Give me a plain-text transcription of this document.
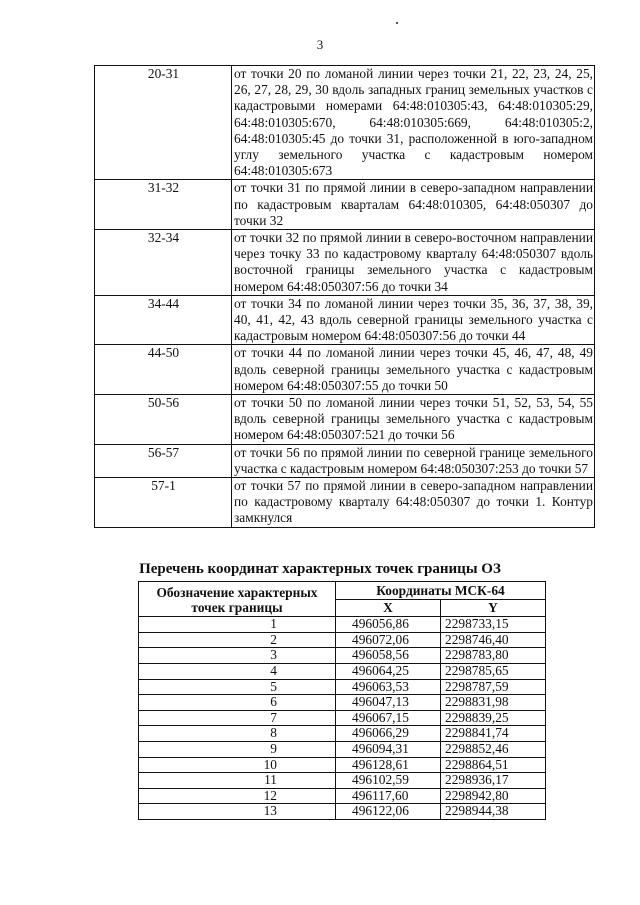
3
20-31	от точки 20 по ломаной линии через точки 21, 22, 23, 24, 25, 26, 27, 28, 29, 30 вдоль западных границ земельных участков с кадастровыми номерами 64:48:010305:43, 64:48:010305:29, 64:48:010305:670, 64:48:010305:669, 64:48:010305:2, 64:48:010305:45 до точки 31, расположенной в юго-западном углу земельного участка с кадастровым номером 64:48:010305:673
31-32	от точки 31 по прямой линии в северо-западном направлении по кадастровым кварталам 64:48:010305, 64:48:050307 до точки 32
32-34	от точки 32 по прямой линии в северо-восточном направлении через точку 33 по кадастровому кварталу 64:48:050307 вдоль восточной границы земельного участка с кадастровым номером 64:48:050307:56 до точки 34
34-44	от точки 34 по ломаной линии через точки 35, 36, 37, 38, 39, 40, 41, 42, 43 вдоль северной границы земельного участка с кадастровым номером 64:48:050307:56 до точки 44
44-50	от точки 44 по ломаной линии через точки 45, 46, 47, 48, 49 вдоль северной границы земельного участка с кадастровым номером 64:48:050307:55 до точки 50
50-56	от точки 50 по ломаной линии через точки 51, 52, 53, 54, 55 вдоль северной границы земельного участка с кадастровым номером 64:48:050307:521 до точки 56
56-57	от точки 56 по прямой линии по северной границе земельного участка с кадастровым номером 64:48:050307:253 до точки 57
57-1	от точки 57 по прямой линии в северо-западном направлении по кадастровому кварталу 64:48:050307 до точки 1. Контур замкнулся
Перечень координат характерных точек границы ОЗ
Обозначение характерных точек границы	Координаты МСК-64	
	X	Y
1	496056,86	2298733,15
2	496072,06	2298746,40
3	496058,56	2298783,80
4	496064,25	2298785,65
5	496063,53	2298787,59
6	496047,13	2298831,98
7	496067,15	2298839,25
8	496066,29	2298841,74
9	496094,31	2298852,46
10	496128,61	2298864,51
11	496102,59	2298936,17
12	496117,60	2298942,80
13	496122,06	2298944,38
